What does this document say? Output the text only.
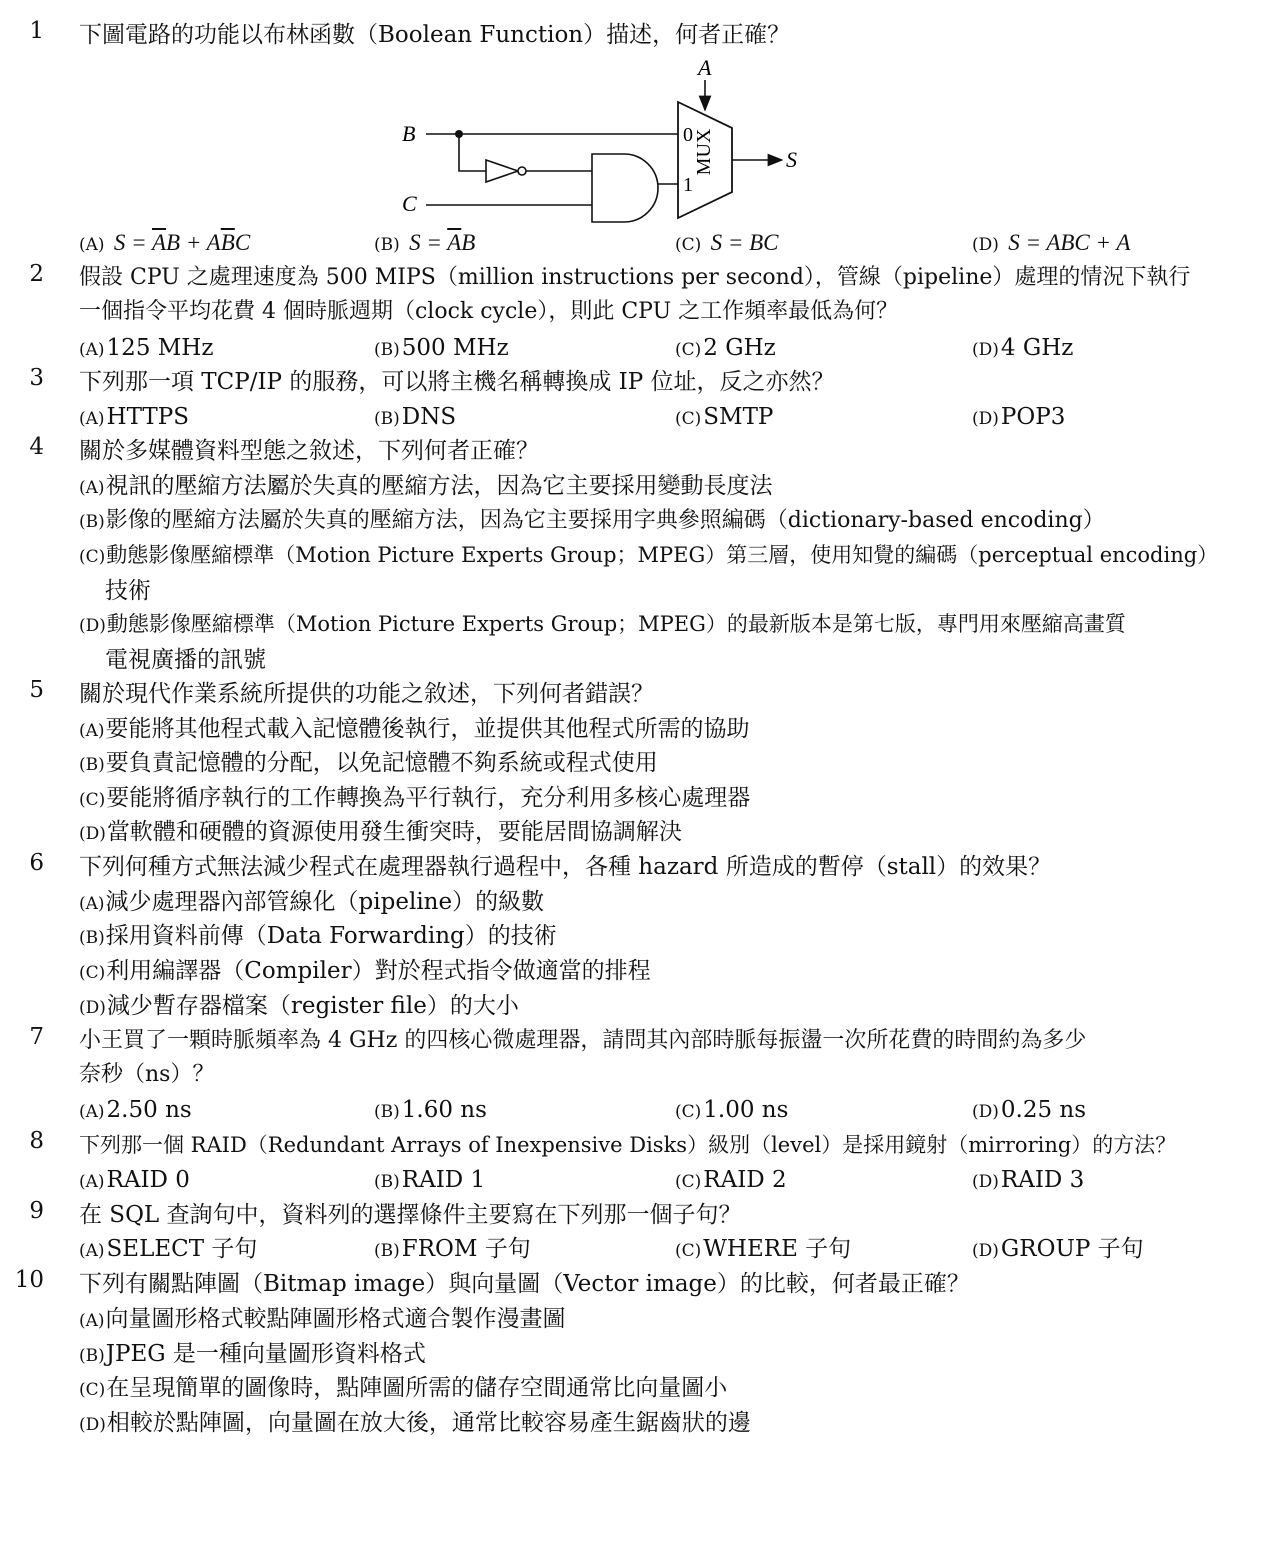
1 下圖電路的功能以布林函數（Boolean Function）描述，何者正確？
A
B
C
0
1
MUX	S
(A) $S = \overline{A}B + A\overline{B}C$	(B) $S = \overline{A}B$	(C) S = BC	(D) S = ABC + A
2 假設 CPU 之處理速度為 500 MIPS（million instructions per second），管線（pipeline）處理的情況下執行
一個指令平均花費 4 個時脈週期（clock cycle），則此 CPU 之工作頻率最低為何？
(A)125 MHz	(B)500 MHz	(C)2 GHz	(D)4 GHz
3 下列那一項 TCP/IP 的服務，可以將主機名稱轉換成 IP 位址，反之亦然？
(A)HTTPS	(B)DNS	(C)SMTP	(D)POP3
4 關於多媒體資料型態之敘述，下列何者正確？
(A)視訊的壓縮方法屬於失真的壓縮方法，因為它主要採用變動長度法
(B)影像的壓縮方法屬於失真的壓縮方法，因為它主要採用字典參照編碼（dictionary-based encoding）
(C)動態影像壓縮標準（Motion Picture Experts Group；MPEG）第三層，使用知覺的編碼（perceptual encoding）
技術
(D)動態影像壓縮標準（Motion Picture Experts Group；MPEG）的最新版本是第七版，專門用來壓縮高畫質
電視廣播的訊號
5 關於現代作業系統所提供的功能之敘述，下列何者錯誤？
(A)要能將其他程式載入記憶體後執行，並提供其他程式所需的協助
(B)要負責記憶體的分配，以免記憶體不夠系統或程式使用
(C)要能將循序執行的工作轉換為平行執行，充分利用多核心處理器
(D)當軟體和硬體的資源使用發生衝突時，要能居間協調解決
6 下列何種方式無法減少程式在處理器執行過程中，各種 hazard 所造成的暫停（stall）的效果？
(A)減少處理器內部管線化（pipeline）的級數
(B)採用資料前傳（Data Forwarding）的技術
(C)利用編譯器（Compiler）對於程式指令做適當的排程
(D)減少暫存器檔案（register file）的大小
7 小王買了一顆時脈頻率為 4 GHz 的四核心微處理器，請問其內部時脈每振盪一次所花費的時間約為多少
奈秒（ns）？
(A)2.50 ns	(B)1.60 ns	(C)1.00 ns	(D)0.25 ns
8 下列那一個 RAID（Redundant Arrays of Inexpensive Disks）級別（level）是採用鏡射（mirroring）的方法？
(A)RAID 0	(B)RAID 1	(C)RAID 2	(D)RAID 3
9 在 SQL 查詢句中，資料列的選擇條件主要寫在下列那一個子句？
(A)SELECT 子句	(B)FROM 子句	(C)WHERE 子句	(D)GROUP 子句
10 下列有關點陣圖（Bitmap image）與向量圖（Vector image）的比較，何者最正確？
(A)向量圖形格式較點陣圖形格式適合製作漫畫圖
(B)JPEG 是一種向量圖形資料格式
(C)在呈現簡單的圖像時，點陣圖所需的儲存空間通常比向量圖小
(D)相較於點陣圖，向量圖在放大後，通常比較容易產生鋸齒狀的邊
